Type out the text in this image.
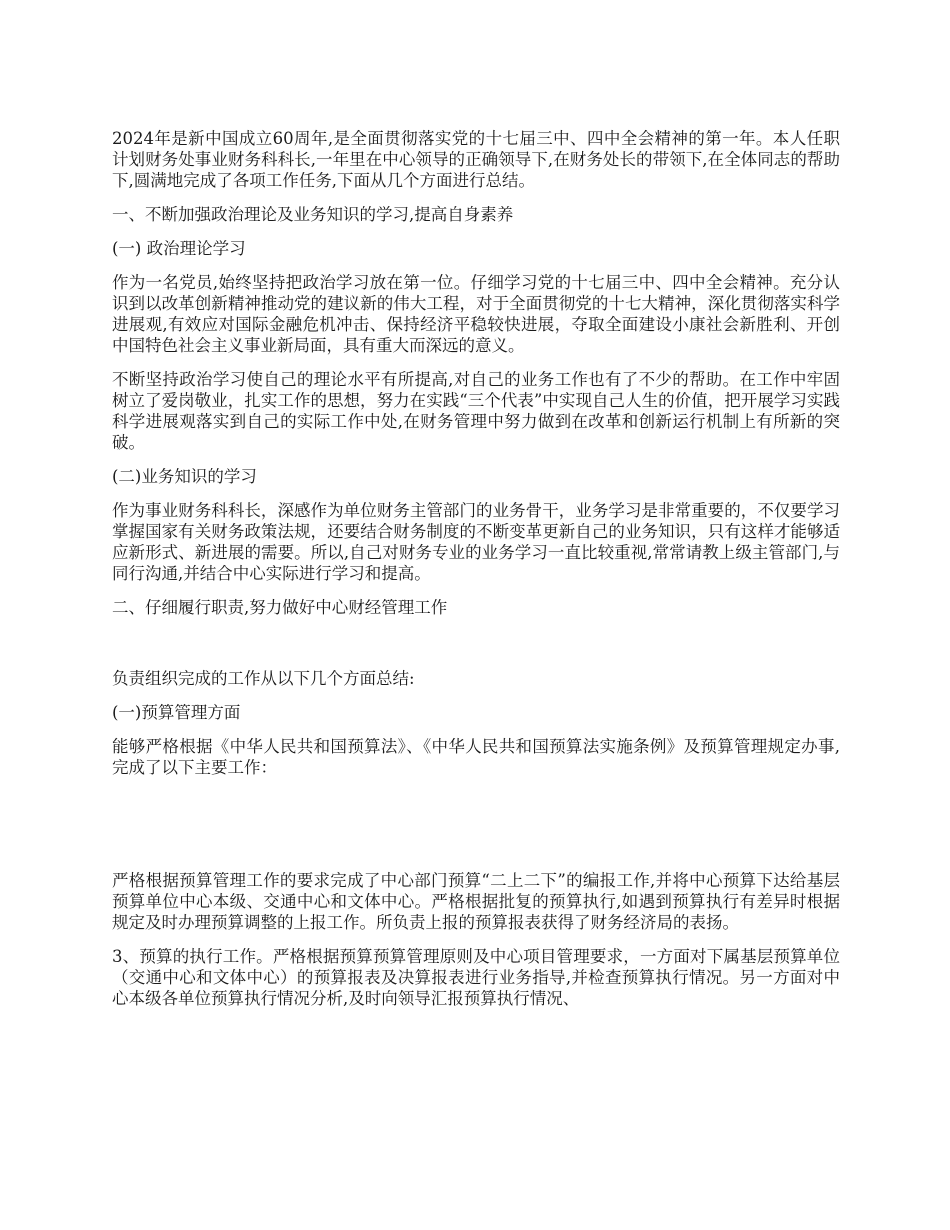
2024年是新中国成立60周年,是全面贯彻落实党的十七届三中、四中全会精神的第一年。本人任职计划财务处事业财务科科长,一年里在中心领导的正确领导下,在财务处长的带领下,在全体同志的帮助下,圆满地完成了各项工作任务,下面从几个方面进行总结。

一、不断加强政治理论及业务知识的学习,提高自身素养

(一) 政治理论学习

作为一名党员,始终坚持把政治学习放在第一位。仔细学习党的十七届三中、四中全会精神。充分认识到以改革创新精神推动党的建议新的伟大工程，对于全面贯彻党的十七大精神，深化贯彻落实科学进展观,有效应对国际金融危机冲击、保持经济平稳较快进展，夺取全面建设小康社会新胜利、开创中国特色社会主义事业新局面，具有重大而深远的意义。

不断坚持政治学习使自己的理论水平有所提高,对自己的业务工作也有了不少的帮助。在工作中牢固树立了爱岗敬业，扎实工作的思想，努力在实践“三个代表”中实现自己人生的价值，把开展学习实践科学进展观落实到自己的实际工作中处,在财务管理中努力做到在改革和创新运行机制上有所新的突破。

(二)业务知识的学习

作为事业财务科科长，深感作为单位财务主管部门的业务骨干，业务学习是非常重要的，不仅要学习掌握国家有关财务政策法规，还要结合财务制度的不断变革更新自己的业务知识，只有这样才能够适应新形式、新进展的需要。所以,自己对财务专业的业务学习一直比较重视,常常请教上级主管部门,与同行沟通,并结合中心实际进行学习和提高。

二、仔细履行职责,努力做好中心财经管理工作

负责组织完成的工作从以下几个方面总结:

(一)预算管理方面

能够严格根据《中华人民共和国预算法》、《中华人民共和国预算法实施条例》及预算管理规定办事,完成了以下主要工作：

严格根据预算管理工作的要求完成了中心部门预算“二上二下”的编报工作,并将中心预算下达给基层预算单位中心本级、交通中心和文体中心。严格根据批复的预算执行,如遇到预算执行有差异时根据规定及时办理预算调整的上报工作。所负责上报的预算报表获得了财务经济局的表扬。

3、预算的执行工作。严格根据预算预算管理原则及中心项目管理要求，一方面对下属基层预算单位（交通中心和文体中心）的预算报表及决算报表进行业务指导,并检查预算执行情况。另一方面对中心本级各单位预算执行情况分析,及时向领导汇报预算执行情况、
